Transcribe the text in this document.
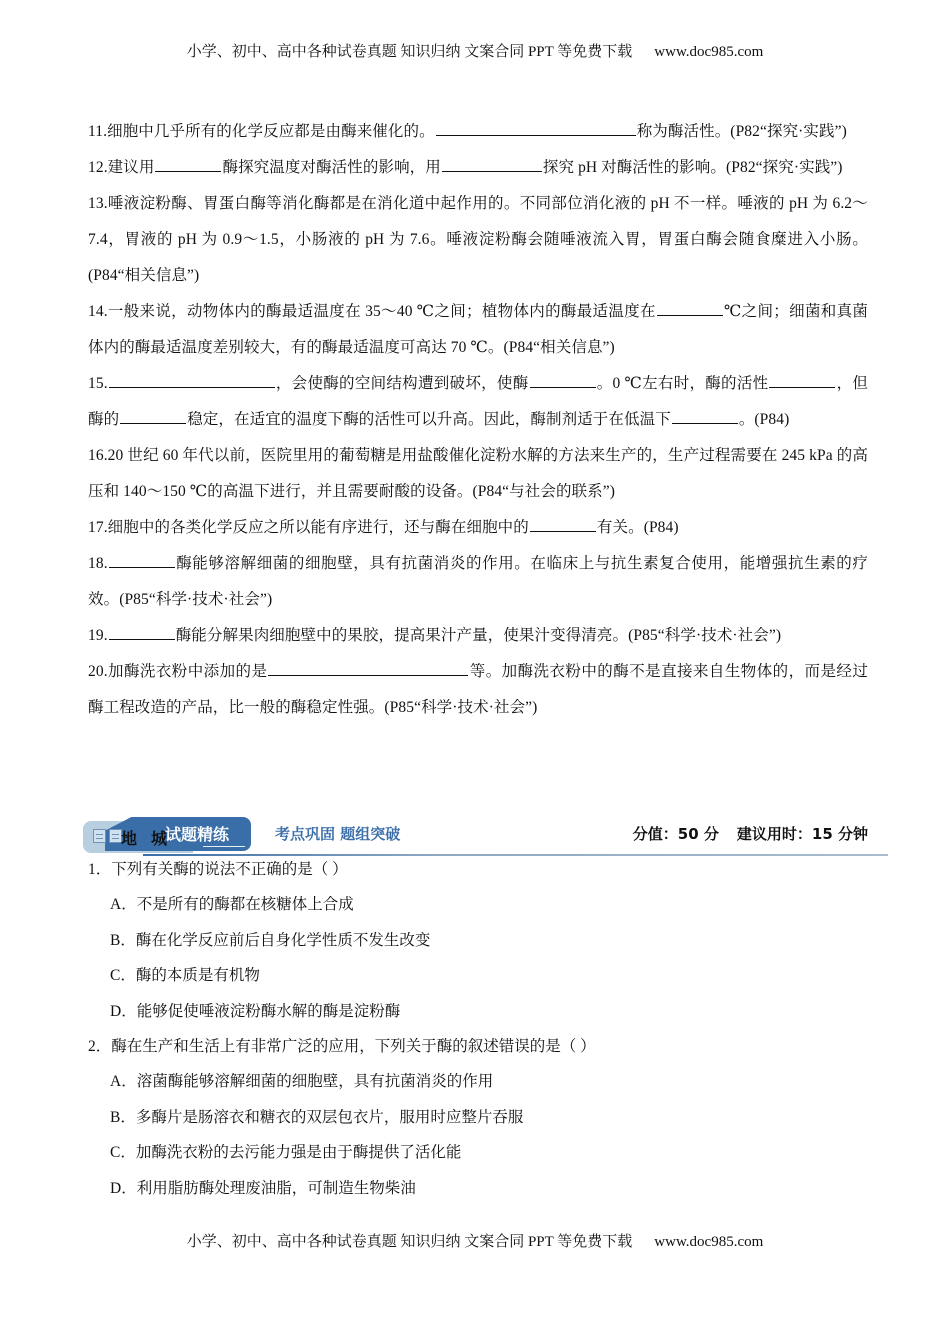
小学、初中、高中各种试卷真题 知识归纳 文案合同 PPT 等免费下载 www.doc985.com

11.细胞中几乎所有的化学反应都是由酶来催化的。	称为酶活性。(P82“探究·实践”)

12.建议用	酶探究温度对酶活性的影响，用	探究 pH 对酶活性的影响。(P82“探究·实践”)

13.唾液淀粉酶、胃蛋白酶等消化酶都是在消化道中起作用的。不同部位消化液的 pH 不一样。唾液的 pH 为 6.2～7.4，胃液的 pH 为 0.9～1.5，小肠液的 pH 为 7.6。唾液淀粉酶会随唾液流入胃，胃蛋白酶会随食糜进入小肠。(P84“相关信息”)

14.一般来说，动物体内的酶最适温度在 35～40 ℃之间；植物体内的酶最适温度在	℃之间；细菌和真菌体内的酶最适温度差别较大，有的酶最适温度可高达 70 ℃。(P84“相关信息”)

15.	，会使酶的空间结构遭到破坏，使酶	。0 ℃左右时，酶的活性	，但酶的	稳定，在适宜的温度下酶的活性可以升高。因此，酶制剂适于在低温下	。(P84)

16.20 世纪 60 年代以前，医院里用的葡萄糖是用盐酸催化淀粉水解的方法来生产的，生产过程需要在 245 kPa 的高压和 140～150 ℃的高温下进行，并且需要耐酸的设备。(P84“与社会的联系”)

17.细胞中的各类化学反应之所以能有序进行，还与酶在细胞中的	有关。(P84)

18.	酶能够溶解细菌的细胞壁，具有抗菌消炎的作用。在临床上与抗生素复合使用，能增强抗生素的疗效。(P85“科学·技术·社会”)

19.	酶能分解果肉细胞壁中的果胶，提高果汁产量，使果汁变得清亮。(P85“科学·技术·社会”)

20.加酶洗衣粉中添加的是	等。加酶洗衣粉中的酶不是直接来自生物体的，而是经过酶工程改造的产品，比一般的酶稳定性强。(P85“科学·技术·社会”)

地城
试题精练	考点巩固 题组突破	分值：50 分 建议用时：15 分钟

1．下列有关酶的说法不正确的是（ ）

A．不是所有的酶都在核糖体上合成

B．酶在化学反应前后自身化学性质不发生改变

C．酶的本质是有机物

D．能够促使唾液淀粉酶水解的酶是淀粉酶

2．酶在生产和生活上有非常广泛的应用，下列关于酶的叙述错误的是（ ）

A．溶菌酶能够溶解细菌的细胞壁，具有抗菌消炎的作用

B．多酶片是肠溶衣和糖衣的双层包衣片，服用时应整片吞服

C．加酶洗衣粉的去污能力强是由于酶提供了活化能

D．利用脂肪酶处理废油脂，可制造生物柴油

小学、初中、高中各种试卷真题 知识归纳 文案合同 PPT 等免费下载 www.doc985.com
